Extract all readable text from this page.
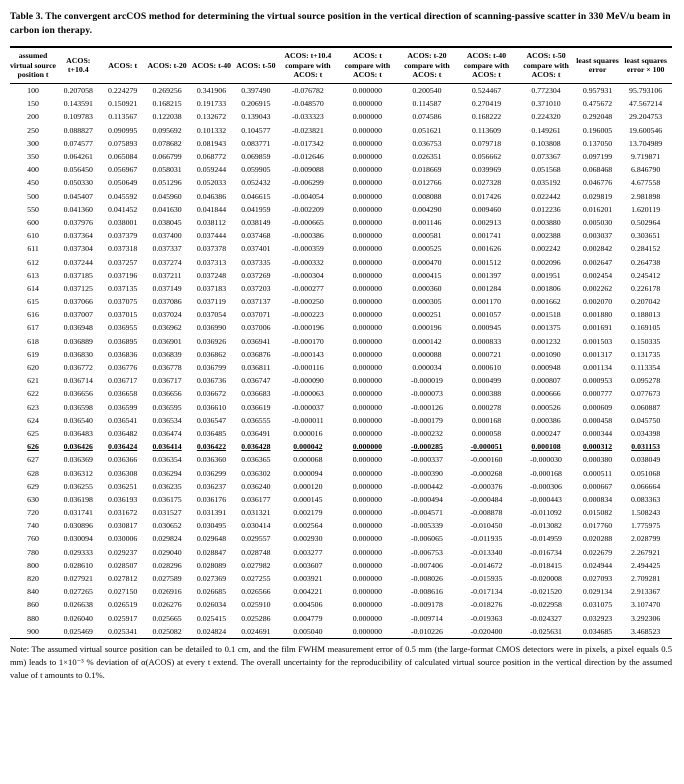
Table 3. The convergent arcCOS method for determining the virtual source position in the vertical direction of scanning-passive scatter in 330 MeV/u beam in carbon ion therapy.
assumed virtual source position t	ACOS: t+10.4	ACOS: t	ACOS: t-20	ACOS: t-40	ACOS: t-50	ACOS: t+10.4 compare with ACOS: t	ACOS: t compare with ACOS: t	ACOS: t-20 compare with ACOS: t	ACOS: t-40 compare with ACOS: t	ACOS: t-50 compare with ACOS: t	least squares error	least squares error × 100
100	0.207058	0.224279	0.269256	0.341906	0.397490	-0.076782	0.000000	0.200540	0.524467	0.772304	0.957931	95.793106
150	0.143591	0.150921	0.168215	0.191733	0.206915	-0.048570	0.000000	0.114587	0.270419	0.371010	0.475672	47.567214
200	0.109783	0.113567	0.122038	0.132672	0.139043	-0.033323	0.000000	0.074586	0.168222	0.224320	0.292048	29.204753
250	0.088827	0.090995	0.095692	0.101332	0.104577	-0.023821	0.000000	0.051621	0.113609	0.149261	0.196005	19.600546
300	0.074577	0.075893	0.078682	0.081943	0.083771	-0.017342	0.000000	0.036753	0.079718	0.103808	0.137050	13.704989
350	0.064261	0.065084	0.066799	0.068772	0.069859	-0.012646	0.000000	0.026351	0.056662	0.073367	0.097199	9.719871
400	0.056450	0.056967	0.058031	0.059244	0.059905	-0.009088	0.000000	0.018669	0.039969	0.051568	0.068468	6.846790
450	0.050330	0.050649	0.051296	0.052033	0.052432	-0.006299	0.000000	0.012766	0.027328	0.035192	0.046776	4.677558
500	0.045407	0.045592	0.045960	0.046386	0.046615	-0.004054	0.000000	0.008088	0.017426	0.022442	0.029819	2.981898
550	0.041360	0.041452	0.041630	0.041844	0.041959	-0.002209	0.000000	0.004290	0.009460	0.012236	0.016201	1.620119
600	0.037976	0.038001	0.038045	0.038112	0.038149	-0.000665	0.000000	0.001146	0.002913	0.003880	0.005030	0.502964
610	0.037364	0.037379	0.037400	0.037444	0.037468	-0.000386	0.000000	0.000581	0.001741	0.002388	0.003037	0.303651
611	0.037304	0.037318	0.037337	0.037378	0.037401	-0.000359	0.000000	0.000525	0.001626	0.002242	0.002842	0.284152
612	0.037244	0.037257	0.037274	0.037313	0.037335	-0.000332	0.000000	0.000470	0.001512	0.002096	0.002647	0.264738
613	0.037185	0.037196	0.037211	0.037248	0.037269	-0.000304	0.000000	0.000415	0.001397	0.001951	0.002454	0.245412
614	0.037125	0.037135	0.037149	0.037183	0.037203	-0.000277	0.000000	0.000360	0.001284	0.001806	0.002262	0.226178
615	0.037066	0.037075	0.037086	0.037119	0.037137	-0.000250	0.000000	0.000305	0.001170	0.001662	0.002070	0.207042
616	0.037007	0.037015	0.037024	0.037054	0.037071	-0.000223	0.000000	0.000251	0.001057	0.001518	0.001880	0.188013
617	0.036948	0.036955	0.036962	0.036990	0.037006	-0.000196	0.000000	0.000196	0.000945	0.001375	0.001691	0.169105
618	0.036889	0.036895	0.036901	0.036926	0.036941	-0.000170	0.000000	0.000142	0.000833	0.001232	0.001503	0.150335
619	0.036830	0.036836	0.036839	0.036862	0.036876	-0.000143	0.000000	0.000088	0.000721	0.001090	0.001317	0.131735
620	0.036772	0.036776	0.036778	0.036799	0.036811	-0.000116	0.000000	0.000034	0.000610	0.000948	0.001134	0.113354
621	0.036714	0.036717	0.036717	0.036736	0.036747	-0.000090	0.000000	-0.000019	0.000499	0.000807	0.000953	0.095278
622	0.036656	0.036658	0.036656	0.036672	0.036683	-0.000063	0.000000	-0.000073	0.000388	0.000666	0.000777	0.077673
623	0.036598	0.036599	0.036595	0.036610	0.036619	-0.000037	0.000000	-0.000126	0.000278	0.000526	0.000609	0.060887
624	0.036540	0.036541	0.036534	0.036547	0.036555	-0.000011	0.000000	-0.000179	0.000168	0.000386	0.000458	0.045750
625	0.036483	0.036482	0.036474	0.036485	0.036491	0.000016	0.000000	-0.000232	0.000058	0.000247	0.000344	0.034398
626	0.036426	0.036424	0.036414	0.036422	0.036428	0.000042	0.000000	-0.000285	-0.000051	0.000108	0.000312	0.031153
627	0.036369	0.036366	0.036354	0.036360	0.036365	0.000068	0.000000	-0.000337	-0.000160	-0.000030	0.000380	0.038049
628	0.036312	0.036308	0.036294	0.036299	0.036302	0.000094	0.000000	-0.000390	-0.000268	-0.000168	0.000511	0.051068
629	0.036255	0.036251	0.036235	0.036237	0.036240	0.000120	0.000000	-0.000442	-0.000376	-0.000306	0.000667	0.066664
630	0.036198	0.036193	0.036175	0.036176	0.036177	0.000145	0.000000	-0.000494	-0.000484	-0.000443	0.000834	0.083363
720	0.031741	0.031672	0.031527	0.031391	0.031321	0.002179	0.000000	-0.004571	-0.008878	-0.011092	0.015082	1.508243
740	0.030896	0.030817	0.030652	0.030495	0.030414	0.002564	0.000000	-0.005339	-0.010450	-0.013082	0.017760	1.775975
760	0.030094	0.030006	0.029824	0.029648	0.029557	0.002930	0.000000	-0.006065	-0.011935	-0.014959	0.020288	2.028799
780	0.029333	0.029237	0.029040	0.028847	0.028748	0.003277	0.000000	-0.006753	-0.013340	-0.016734	0.022679	2.267921
800	0.028610	0.028507	0.028296	0.028089	0.027982	0.003607	0.000000	-0.007406	-0.014672	-0.018415	0.024944	2.494425
820	0.027921	0.027812	0.027589	0.027369	0.027255	0.003921	0.000000	-0.008026	-0.015935	-0.020008	0.027093	2.709281
840	0.027265	0.027150	0.026916	0.026685	0.026566	0.004221	0.000000	-0.008616	-0.017134	-0.021520	0.029134	2.913367
860	0.026638	0.026519	0.026276	0.026034	0.025910	0.004506	0.000000	-0.009178	-0.018276	-0.022958	0.031075	3.107470
880	0.026040	0.025917	0.025665	0.025415	0.025286	0.004779	0.000000	-0.009714	-0.019363	-0.024327	0.032923	3.292306
900	0.025469	0.025341	0.025082	0.024824	0.024691	0.005040	0.000000	-0.010226	-0.020400	-0.025631	0.034685	3.468523
Note: The assumed virtual source position can be detailed to 0.1 cm, and the film FWHM measurement error of 0.5 mm (the large-format CMOS detectors were in pixels, a pixel equals 0.5 mm) leads to 1×10⁻³ % deviation of α(ACOS) at every t extend. The overall uncertainty for the reproducibility of calculated virtual source position in the vertical direction by the assumed value of t amounts to 0.1%.
